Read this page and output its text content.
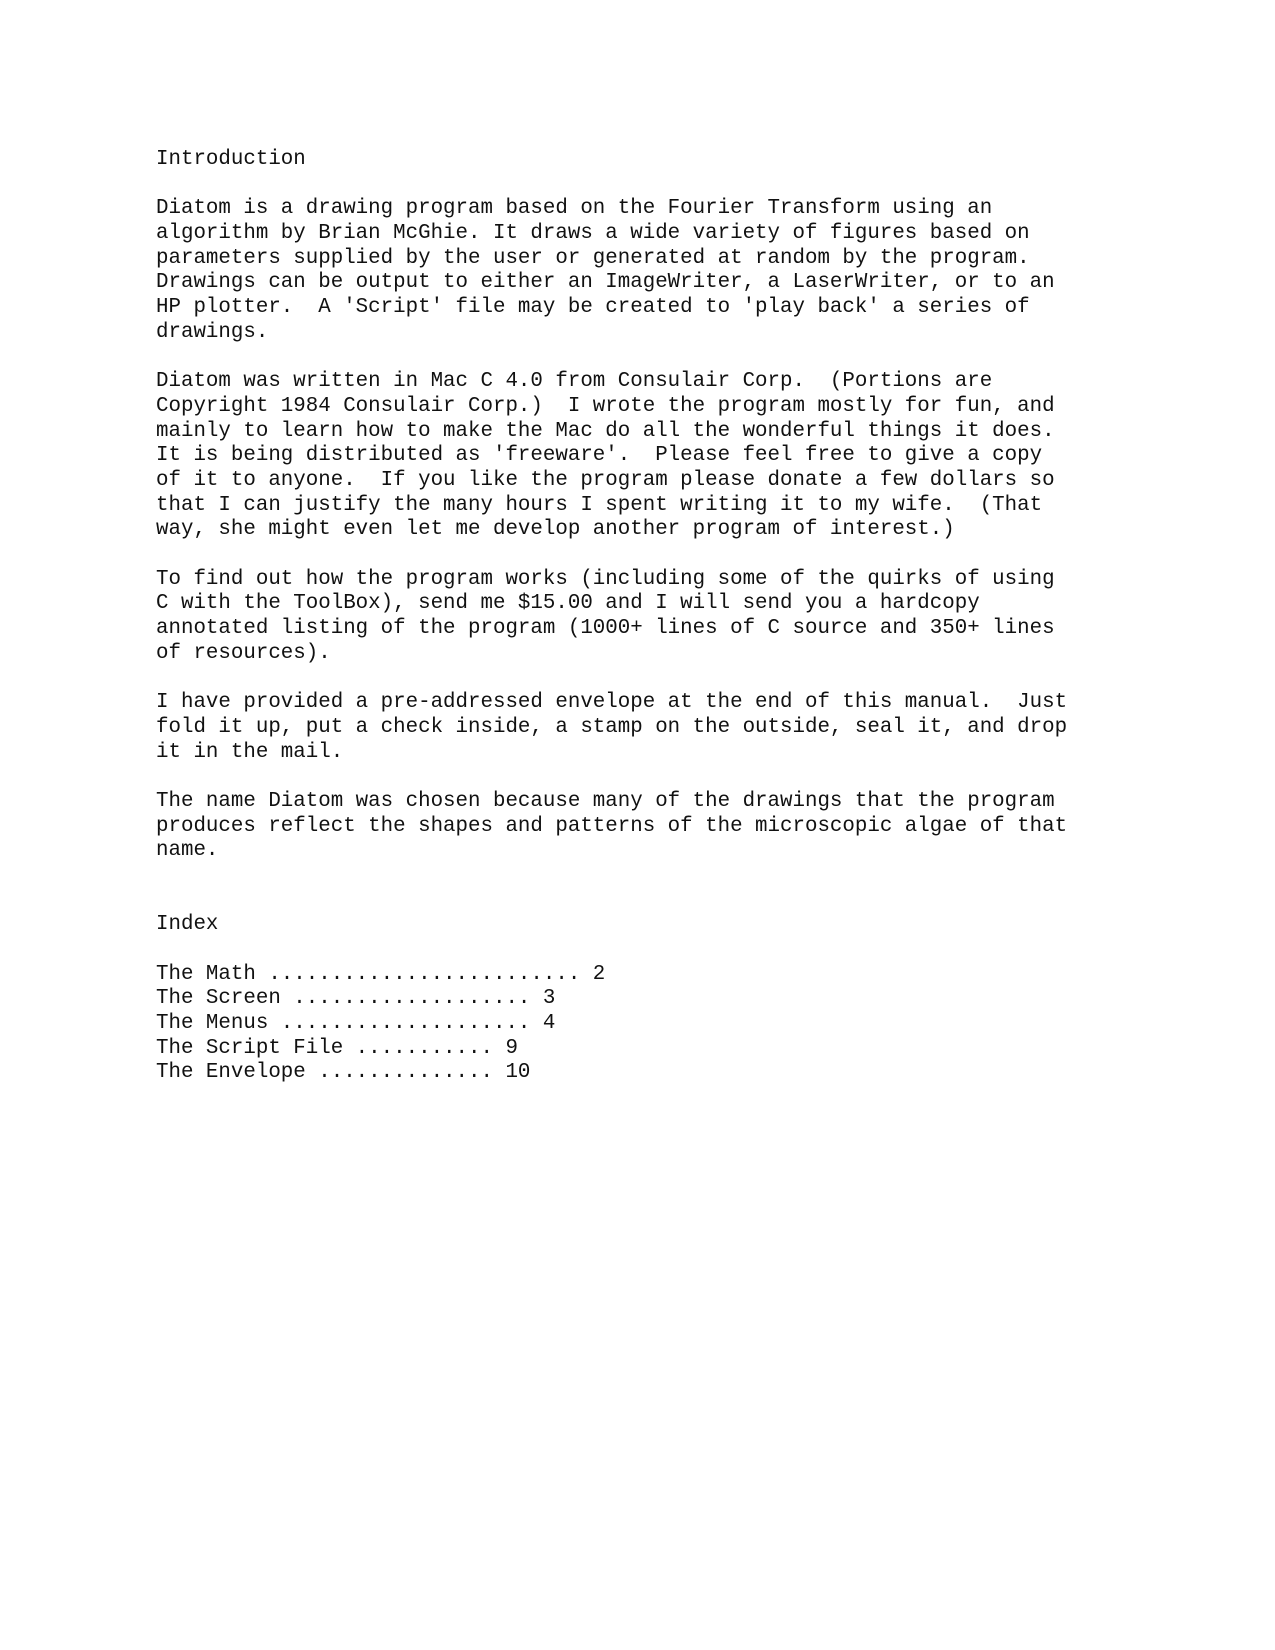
Introduction
Diatom is a drawing program based on the Fourier Transform using an
algorithm by Brian McGhie. It draws a wide variety of figures based on
parameters supplied by the user or generated at random by the program.
Drawings can be output to either an ImageWriter, a LaserWriter, or to an
HP plotter.  A 'Script' file may be created to 'play back' a series of
drawings.
Diatom was written in Mac C 4.0 from Consulair Corp.  (Portions are
Copyright 1984 Consulair Corp.)  I wrote the program mostly for fun, and
mainly to learn how to make the Mac do all the wonderful things it does.
It is being distributed as 'freeware'.  Please feel free to give a copy
of it to anyone.  If you like the program please donate a few dollars so
that I can justify the many hours I spent writing it to my wife.  (That
way, she might even let me develop another program of interest.)
To find out how the program works (including some of the quirks of using
C with the ToolBox), send me $15.00 and I will send you a hardcopy
annotated listing of the program (1000+ lines of C source and 350+ lines
of resources).
I have provided a pre-addressed envelope at the end of this manual.  Just
fold it up, put a check inside, a stamp on the outside, seal it, and drop
it in the mail.
The name Diatom was chosen because many of the drawings that the program
produces reflect the shapes and patterns of the microscopic algae of that
name.
Index
The Math ......................... 2
The Screen ................... 3
The Menus .................... 4
The Script File ........... 9
The Envelope .............. 10
